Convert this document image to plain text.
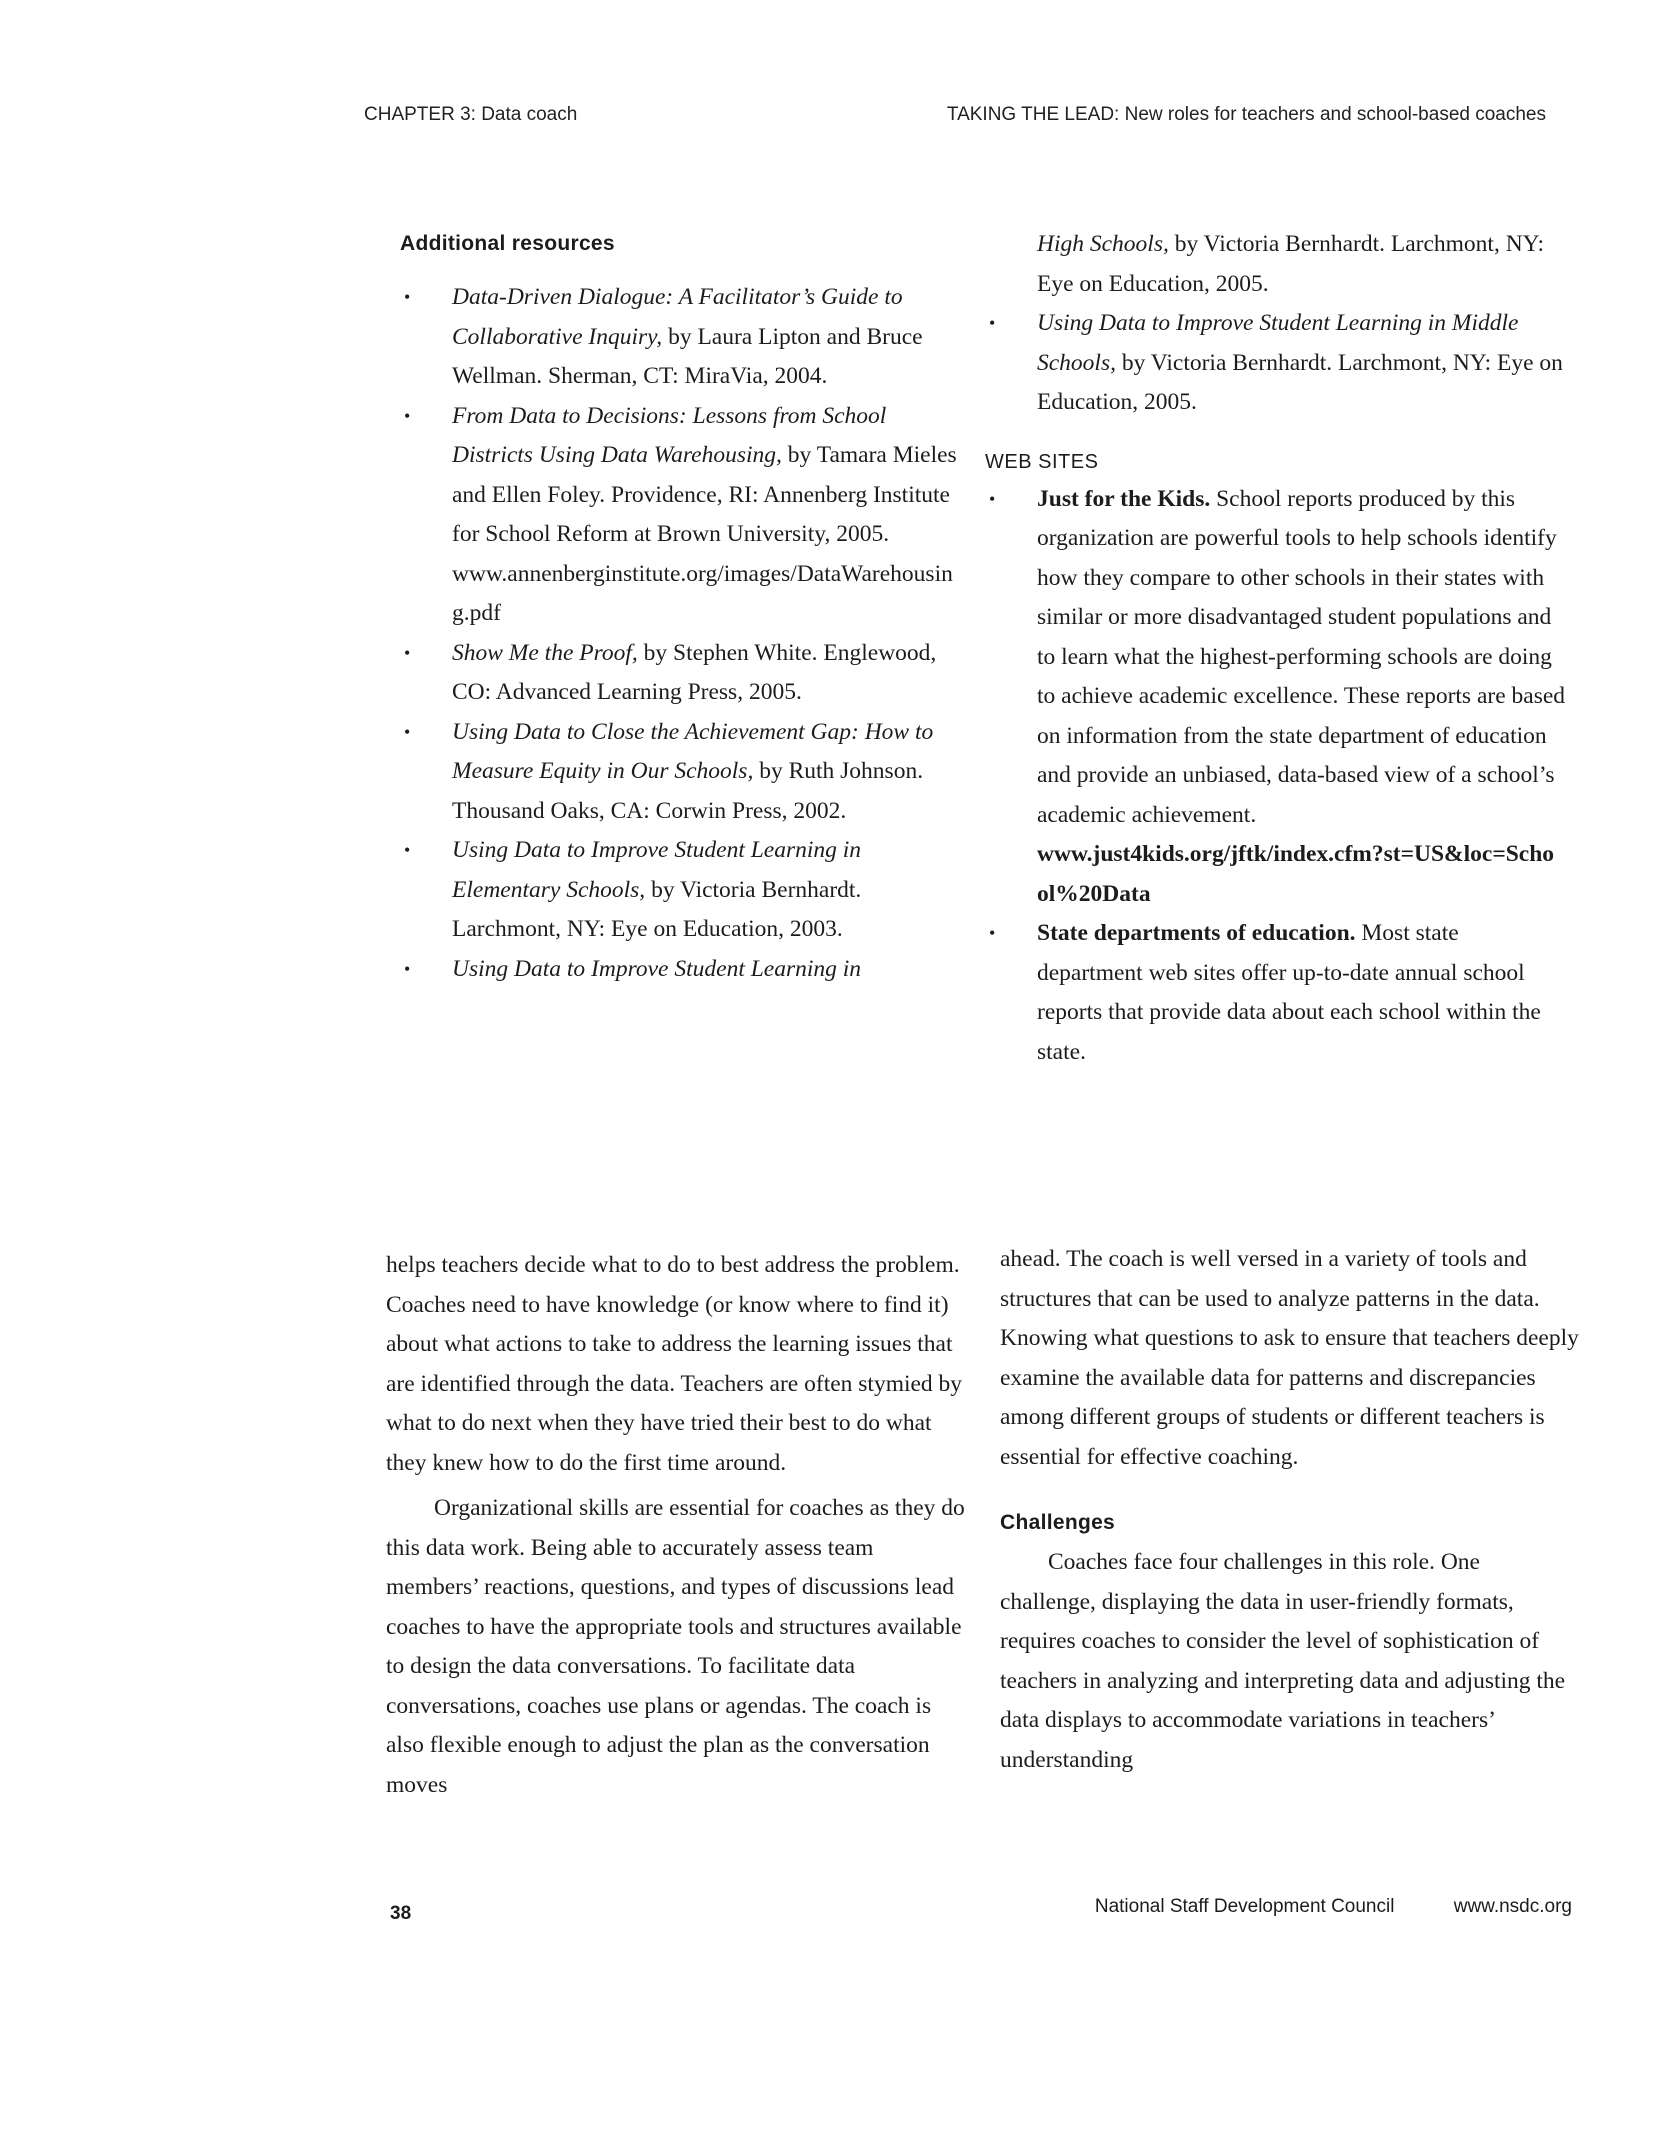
CHAPTER 3: Data coach	TAKING THE LEAD: New roles for teachers and school-based coaches
Additional resources
• Data-Driven Dialogue: A Facilitator’s Guide to Collaborative Inquiry, by Laura Lipton and Bruce Wellman. Sherman, CT: MiraVia, 2004.
• From Data to Decisions: Lessons from School Districts Using Data Warehousing, by Tamara Mieles and Ellen Foley. Providence, RI: Annenberg Institute for School Reform at Brown University, 2005.
www.annenberginstitute.org/images/DataWarehousing.pdf
• Show Me the Proof, by Stephen White. Englewood, CO: Advanced Learning Press, 2005.
• Using Data to Close the Achievement Gap: How to Measure Equity in Our Schools, by Ruth Johnson. Thousand Oaks, CA: Corwin Press, 2002.
• Using Data to Improve Student Learning in Elementary Schools, by Victoria Bernhardt. Larchmont, NY: Eye on Education, 2003.
• Using Data to Improve Student Learning in
High Schools, by Victoria Bernhardt. Larchmont, NY: Eye on Education, 2005.
• Using Data to Improve Student Learning in Middle Schools, by Victoria Bernhardt. Larchmont, NY: Eye on Education, 2005.
WEB SITES
• Just for the Kids. School reports produced by this organization are powerful tools to help schools identify how they compare to other schools in their states with similar or more disadvantaged student populations and to learn what the highest-performing schools are doing to achieve academic excellence. These reports are based on information from the state department of education and provide an unbiased, data-based view of a school’s academic achievement.
www.just4kids.org/jftk/index.cfm?st=US&loc=School%20Data
• State departments of education. Most state department web sites offer up-to-date annual school reports that provide data about each school within the state.

helps teachers decide what to do to best address the problem. Coaches need to have knowledge (or know where to find it) about what actions to take to address the learning issues that are identified through the data. Teachers are often stymied by what to do next when they have tried their best to do what they knew how to do the first time around.

Organizational skills are essential for coaches as they do this data work. Being able to accurately assess team members’ reactions, questions, and types of discussions lead coaches to have the appropriate tools and structures available to design the data conversations. To facilitate data conversations, coaches use plans or agendas. The coach is also flexible enough to adjust the plan as the conversation moves

ahead. The coach is well versed in a variety of tools and structures that can be used to analyze patterns in the data. Knowing what questions to ask to ensure that teachers deeply examine the available data for patterns and discrepancies among different groups of students or different teachers is essential for effective coaching.

Challenges

Coaches face four challenges in this role. One challenge, displaying the data in user-friendly formats, requires coaches to consider the level of sophistication of teachers in analyzing and interpreting data and adjusting the data displays to accommodate variations in teachers’ understanding

38	National Staff Development Council	www.nsdc.org
